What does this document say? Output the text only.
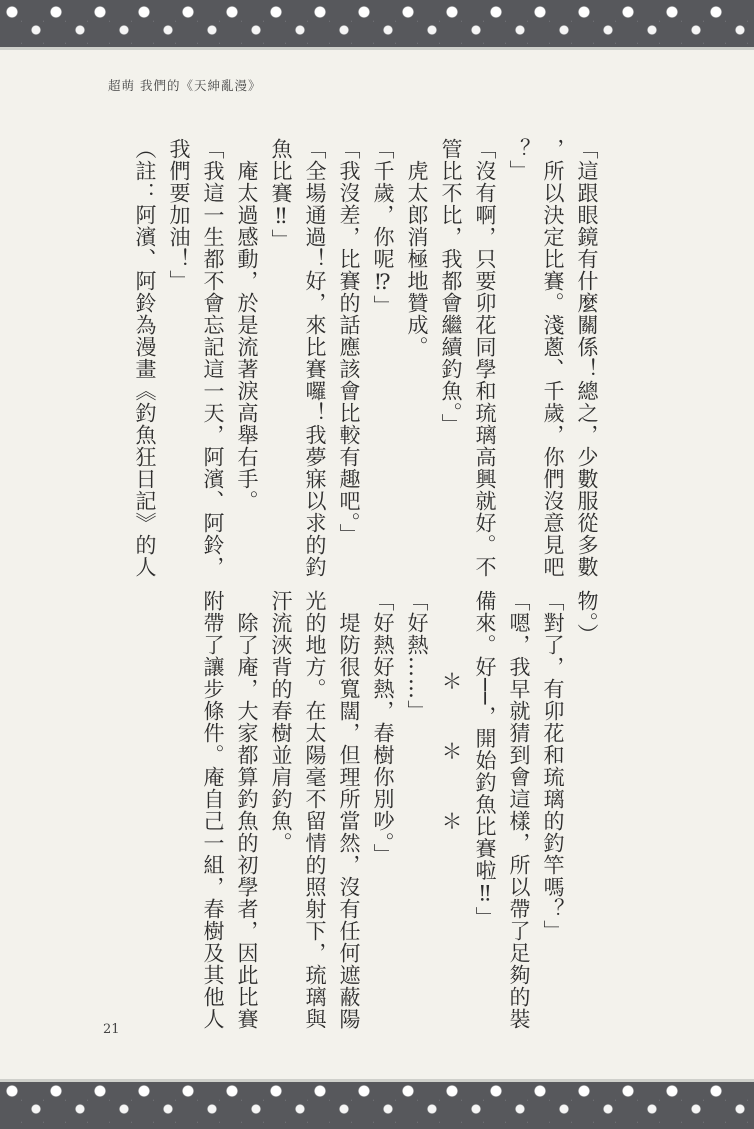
超萌 我們的《天紳亂漫》
「這跟眼鏡有什麼關係！總之，少數服從多數
，所以決定比賽。淺蔥、千歲，你們沒意見吧
？」
「沒有啊，只要卯花同學和琉璃高興就好。不
管比不比，我都會繼續釣魚。」
　虎太郎消極地贊成。
「千歲，你呢⁉」
「我沒差，比賽的話應該會比較有趣吧。」
「全場通過！好，來比賽囉！我夢寐以求的釣
魚比賽‼」
　庵太過感動，於是流著淚高舉右手。
「我這一生都不會忘記這一天，阿濱、阿鈴，
我們要加油！」
（註：阿濱、阿鈴為漫畫《釣魚狂日記》的人
物。）
「對了，有卯花和琉璃的釣竿嗎？」
「嗯，我早就猜到會這樣，所以帶了足夠的裝
備來。好──，開始釣魚比賽啦‼」
＊　＊　＊
「好熱……」
「好熱好熱，春樹你別吵。」
　堤防很寬闊，但理所當然，沒有任何遮蔽陽
光的地方。在太陽毫不留情的照射下，琉璃與
汗流浹背的春樹並肩釣魚。
　除了庵，大家都算釣魚的初學者，因此比賽
附帶了讓步條件。庵自己一組，春樹及其他人
21
